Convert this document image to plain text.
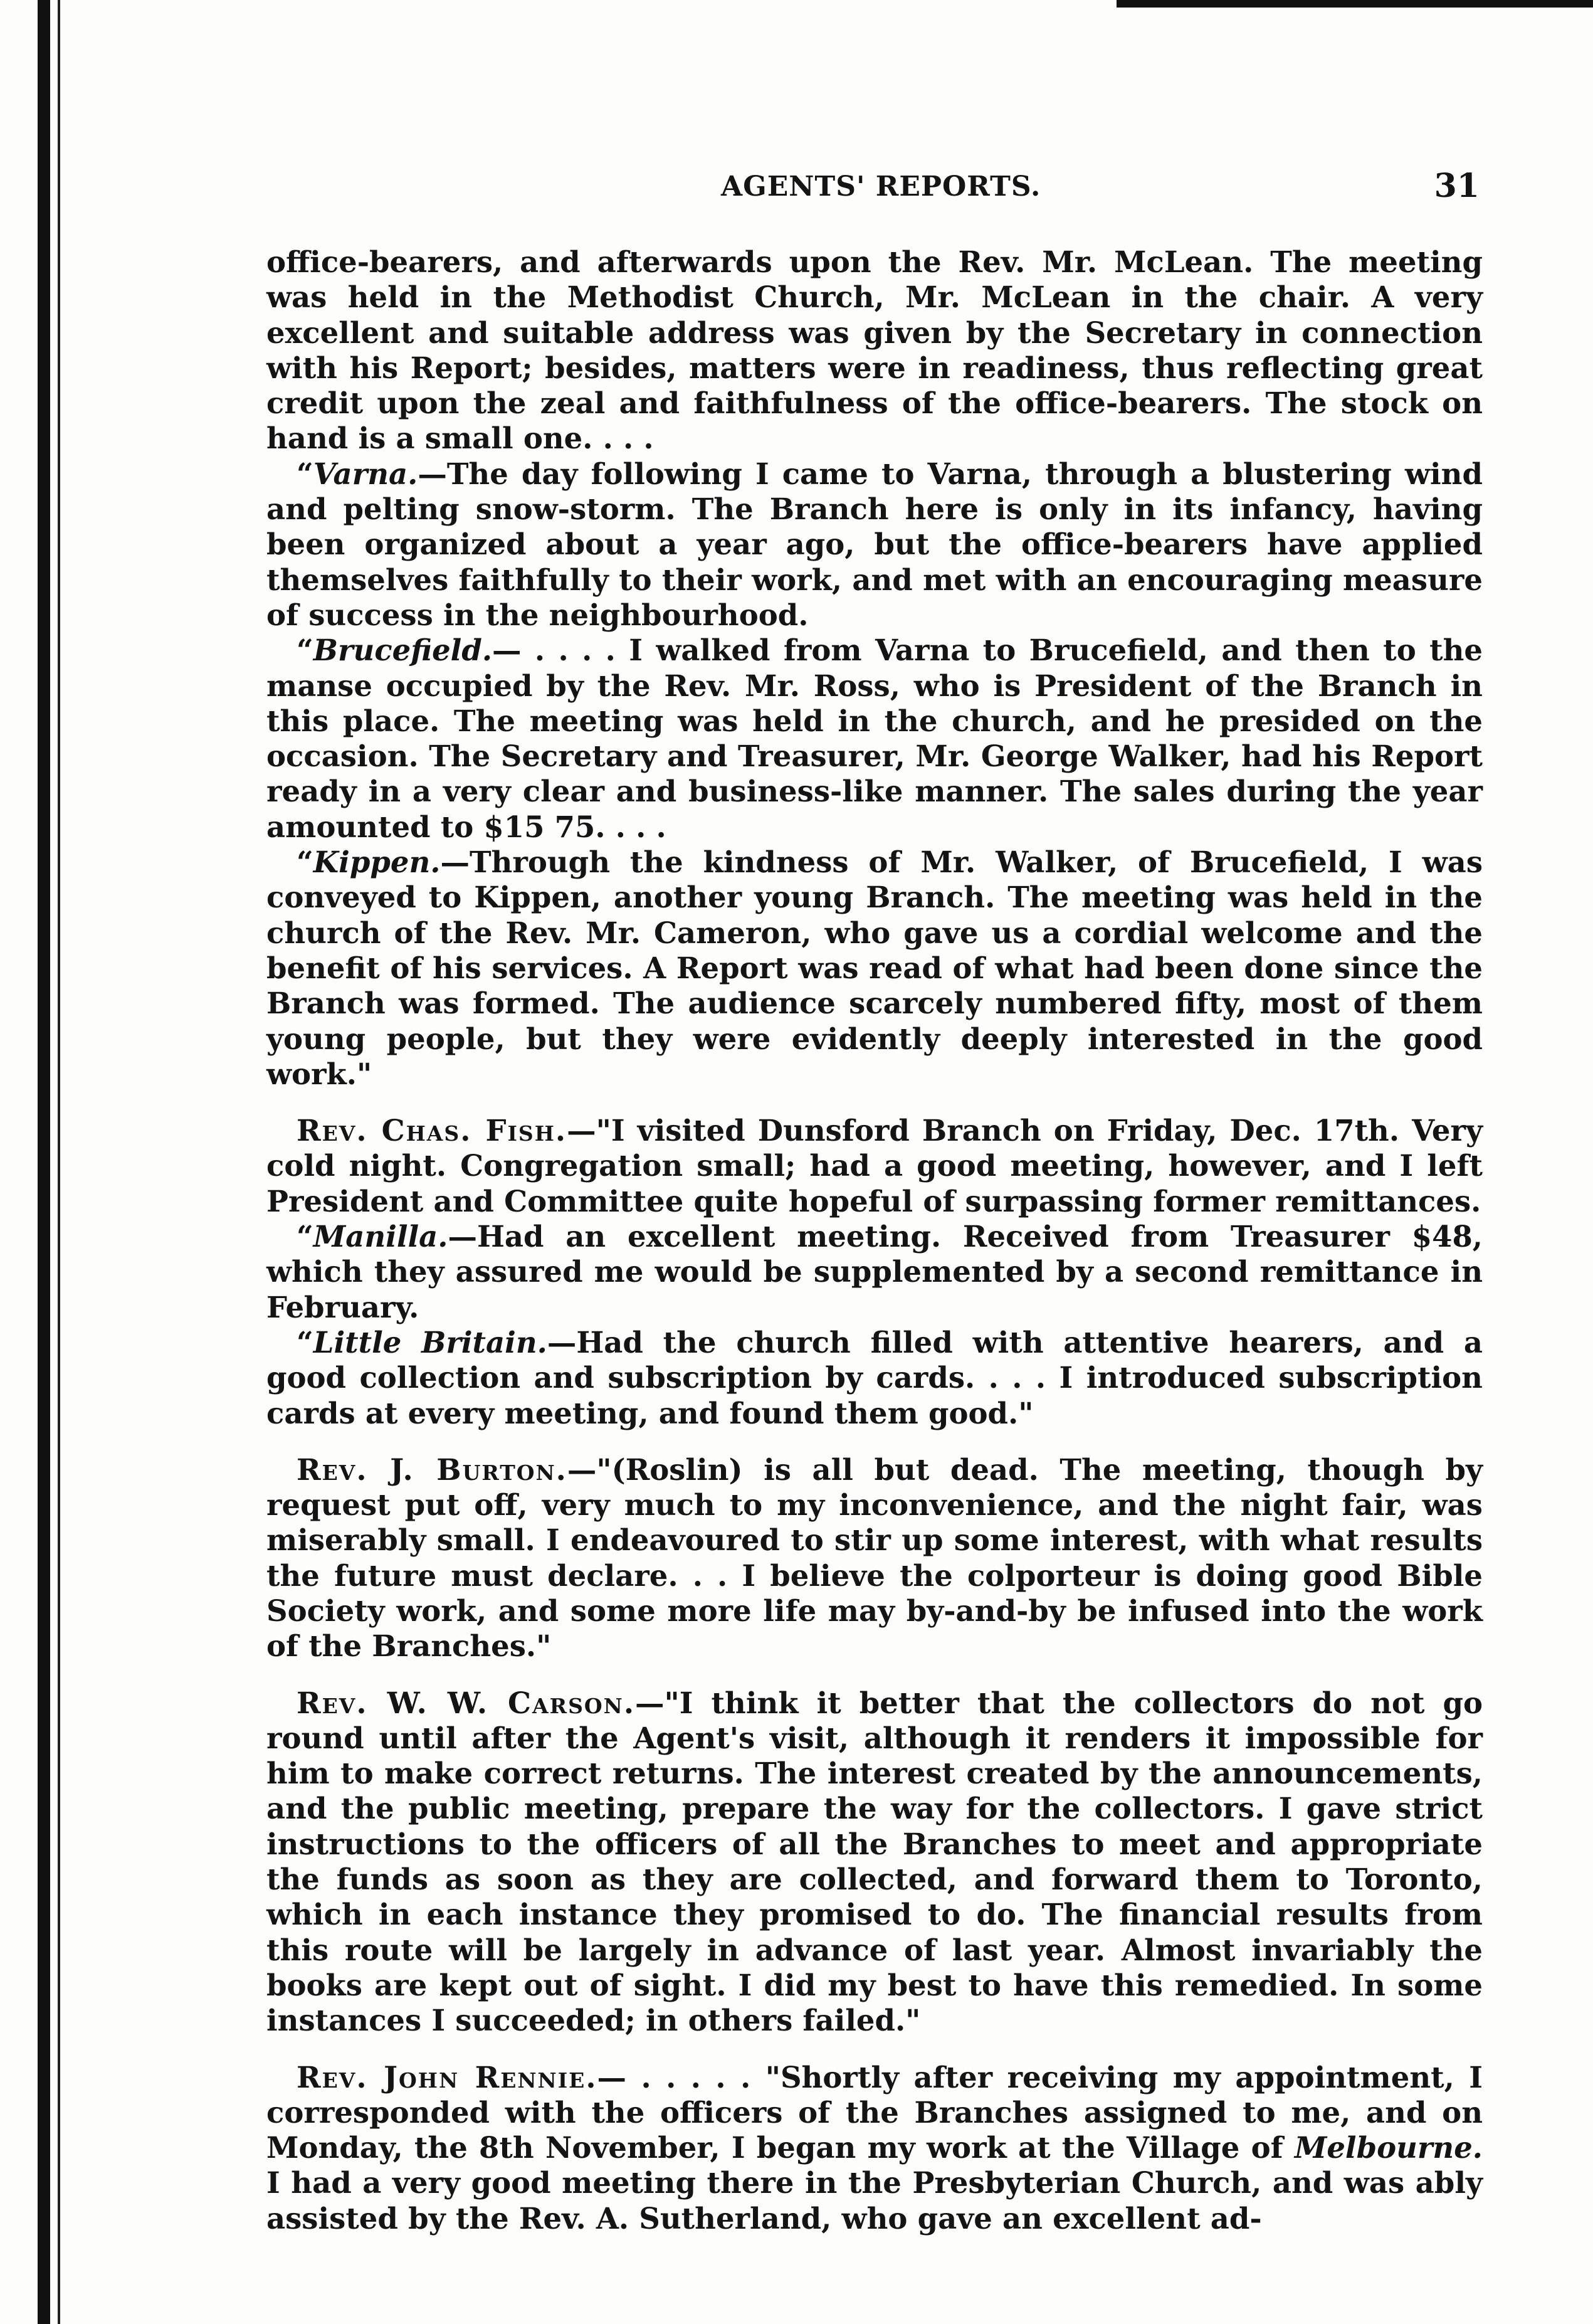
AGENTS' REPORTS.	31

office-bearers, and afterwards upon the Rev. Mr. McLean. The meeting was held in the Methodist Church, Mr. McLean in the chair. A very excellent and suitable address was given by the Secretary in connection with his Report; besides, matters were in readiness, thus reflecting great credit upon the zeal and faithfulness of the office-bearers. The stock on hand is a small one. . . .

“Varna.—The day following I came to Varna, through a blustering wind and pelting snow-storm. The Branch here is only in its infancy, having been organized about a year ago, but the office-bearers have applied themselves faithfully to their work, and met with an encouraging measure of success in the neighbourhood.

“Brucefield.— . . . . I walked from Varna to Brucefield, and then to the manse occupied by the Rev. Mr. Ross, who is President of the Branch in this place. The meeting was held in the church, and he presided on the occasion. The Secretary and Treasurer, Mr. George Walker, had his Report ready in a very clear and business-like manner. The sales during the year amounted to $15 75. . . .

“Kippen.—Through the kindness of Mr. Walker, of Brucefield, I was conveyed to Kippen, another young Branch. The meeting was held in the church of the Rev. Mr. Cameron, who gave us a cordial welcome and the benefit of his services. A Report was read of what had been done since the Branch was formed. The audience scarcely numbered fifty, most of them young people, but they were evidently deeply interested in the good work."

Rev. Chas. Fish.—"I visited Dunsford Branch on Friday, Dec. 17th. Very cold night. Congregation small; had a good meeting, however, and I left President and Committee quite hopeful of surpassing former remittances.

“Manilla.—Had an excellent meeting. Received from Treasurer $48, which they assured me would be supplemented by a second remittance in February.

“Little Britain.—Had the church filled with attentive hearers, and a good collection and subscription by cards. . . . I introduced subscription cards at every meeting, and found them good."

Rev. J. Burton.—"(Roslin) is all but dead. The meeting, though by request put off, very much to my inconvenience, and the night fair, was miserably small. I endeavoured to stir up some interest, with what results the future must declare. . . I believe the colporteur is doing good Bible Society work, and some more life may by-and-by be infused into the work of the Branches."

Rev. W. W. Carson.—"I think it better that the collectors do not go round until after the Agent's visit, although it renders it impossible for him to make correct returns. The interest created by the announcements, and the public meeting, prepare the way for the collectors. I gave strict instructions to the officers of all the Branches to meet and appropriate the funds as soon as they are collected, and forward them to Toronto, which in each instance they promised to do. The financial results from this route will be largely in advance of last year. Almost invariably the books are kept out of sight. I did my best to have this remedied. In some instances I succeeded; in others failed."

Rev. John Rennie.— . . . . . "Shortly after receiving my appointment, I corresponded with the officers of the Branches assigned to me, and on Monday, the 8th November, I began my work at the Village of Melbourne. I had a very good meeting there in the Presbyterian Church, and was ably assisted by the Rev. A. Sutherland, who gave an excellent ad-
